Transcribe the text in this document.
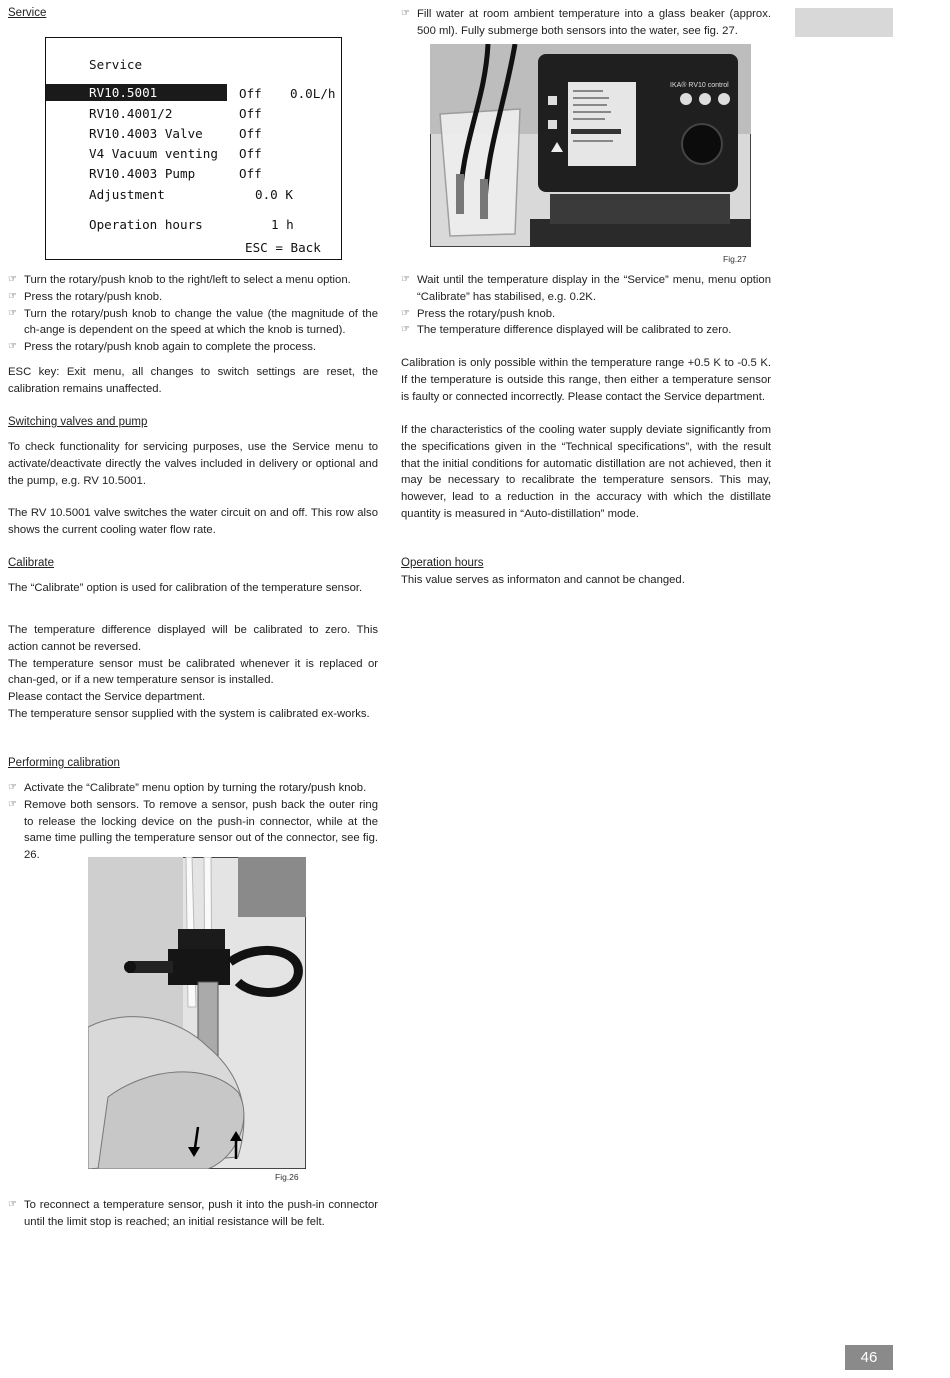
Service
Service
RV10.5001	Off 0.0L/h
RV10.4001/2	Off
RV10.4003 Valve	Off
V4 Vacuum venting Off
RV10.4003 Pump	Off
Adjustment	0.0 K
Operation hours	1 h
ESC = Back
☞ Turn the rotary/push knob to the right/left to select a menu option.
☞ Press the rotary/push knob.
☞ Turn the rotary/push knob to change the value (the magnitude of the ch-ange is dependent on the speed at which the knob is turned).
☞ Press the rotary/push knob again to complete the process.
ESC key: Exit menu, all changes to switch settings are reset, the calibration remains unaffected.
Switching valves and pump
To check functionality for servicing purposes, use the Service menu to activate/deactivate directly the valves included in delivery or optional and the pump, e.g. RV 10.5001.
The RV 10.5001 valve switches the water circuit on and off. This row also shows the current cooling water flow rate.
Calibrate
The “Calibrate” option is used for calibration of the temperature sensor.
The temperature difference displayed will be calibrated to zero. This action cannot be reversed.
The temperature sensor must be calibrated whenever it is replaced or chan-ged, or if a new temperature sensor is installed.
Please contact the Service department.
The temperature sensor supplied with the system is calibrated ex-works.
Performing calibration
☞ Activate the “Calibrate” menu option by turning the rotary/push knob.
☞ Remove both sensors. To remove a sensor, push back the outer ring to release the locking device on the push-in connector, while at the same time pulling the temperature sensor out of the connector, see fig. 26.
Fig.26
☞ To reconnect a temperature sensor, push it into the push-in connector until the limit stop is reached; an initial resistance will be felt.
☞ Fill water at room ambient temperature into a glass beaker (approx. 500 ml). Fully submerge both sensors into the water, see fig. 27.
IKA® RV10 control
Fig.27
☞ Wait until the temperature display in the “Service” menu, menu option “Calibrate” has stabilised, e.g. 0.2K.
☞ Press the rotary/push knob.
☞ The temperature difference displayed will be calibrated to zero.
Calibration is only possible within the temperature range +0.5 K to -0.5 K. If the temperature is outside this range, then either a temperature sensor is faulty or connected incorrectly. Please contact the Service department.
If the characteristics of the cooling water supply deviate significantly from the specifications given in the “Technical specifications”, with the result that the initial conditions for automatic distillation are not achieved, then it may be necessary to recalibrate the temperature sensors. This may, however, lead to a reduction in the accuracy with which the distillate quantity is measured in “Auto-distillation” mode.
Operation hours
This value serves as informaton and cannot be changed.
46
